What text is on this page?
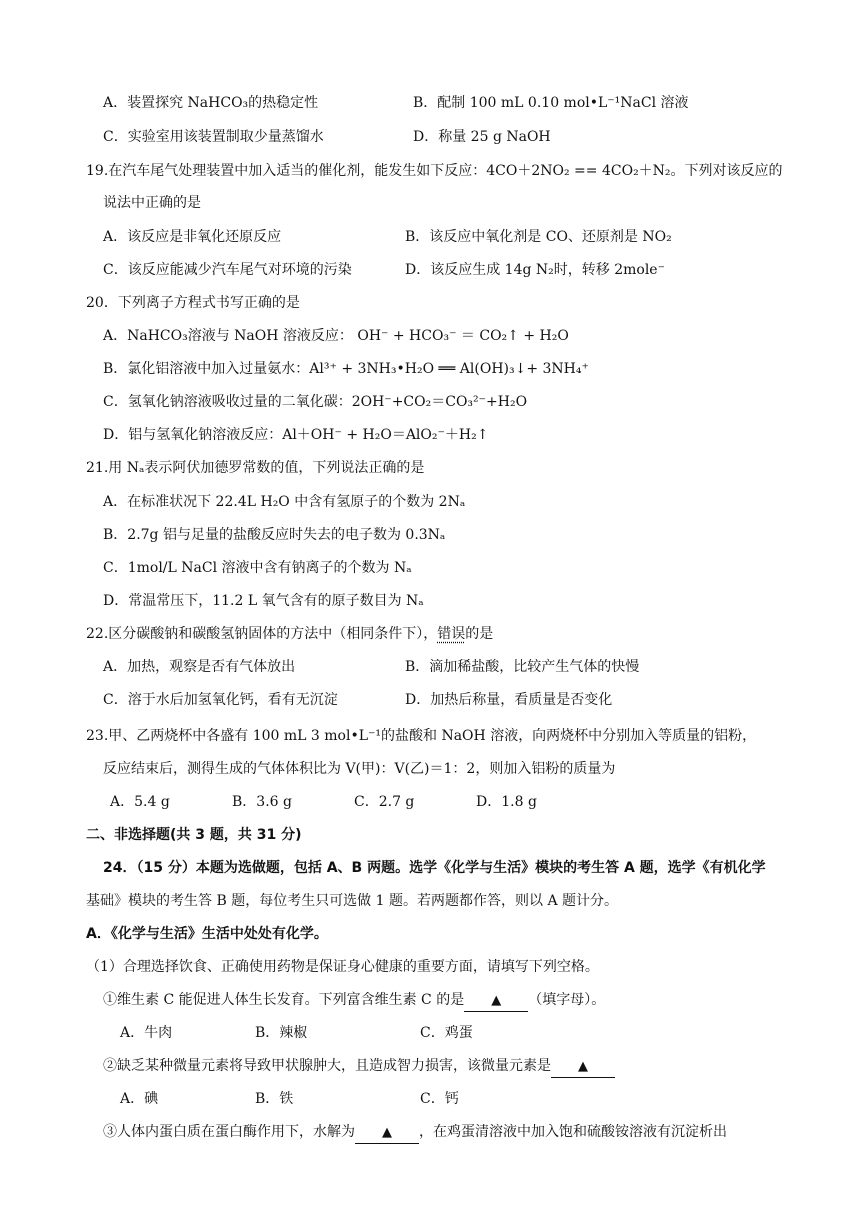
A．装置探究 NaHCO₃的热稳定性	B．配制 100 mL 0.10 mol•L⁻¹NaCl 溶液
C．实验室用该装置制取少量蒸馏水	D．称量 25 g NaOH
19.在汽车尾气处理装置中加入适当的催化剂，能发生如下反应：4CO＋2NO₂ == 4CO₂＋N₂。下列对该反应的
说法中正确的是
A．该反应是非氧化还原反应	B．该反应中氧化剂是 CO、还原剂是 NO₂
C．该反应能减少汽车尾气对环境的污染	D．该反应生成 14g N₂时，转移 2mole⁻
20．下列离子方程式书写正确的是
A．NaHCO₃溶液与 NaOH 溶液反应： OH⁻ + HCO₃⁻ ＝ CO₂↑ + H₂O
B．氯化铝溶液中加入过量氨水：Al³⁺ + 3NH₃•H₂O ══ Al(OH)₃↓+ 3NH₄⁺
C．氢氧化钠溶液吸收过量的二氧化碳：2OH⁻+CO₂＝CO₃²⁻+H₂O
D．铝与氢氧化钠溶液反应：Al＋OH⁻ + H₂O＝AlO₂⁻＋H₂↑
21.用 Nₐ表示阿伏加德罗常数的值，下列说法正确的是
A．在标准状况下 22.4L H₂O 中含有氢原子的个数为 2Nₐ
B．2.7g 铝与足量的盐酸反应时失去的电子数为 0.3Nₐ
C．1mol/L NaCl 溶液中含有钠离子的个数为 Nₐ
D．常温常压下，11.2 L 氧气含有的原子数目为 Nₐ
22.区分碳酸钠和碳酸氢钠固体的方法中（相同条件下），错误的是
A．加热，观察是否有气体放出	B．滴加稀盐酸，比较产生气体的快慢
C．溶于水后加氢氧化钙，看有无沉淀	D．加热后称量，看质量是否变化
23.甲、乙两烧杯中各盛有 100 mL 3 mol•L⁻¹的盐酸和 NaOH 溶液，向两烧杯中分别加入等质量的铝粉，
反应结束后，测得生成的气体体积比为 V(甲)：V(乙)＝1：2，则加入铝粉的质量为
A．5.4 g	B．3.6 g	C．2.7 g	D．1.8 g
二、非选择题(共 3 题，共 31 分)
24．（15 分）本题为选做题，包括 A、B 两题。选学《化学与生活》模块的考生答 A 题，选学《有机化学
基础》模块的考生答 B 题，每位考生只可选做 1 题。若两题都作答，则以 A 题计分。
A．《化学与生活》生活中处处有化学。
（1）合理选择饮食、正确使用药物是保证身心健康的重要方面，请填写下列空格。
①维生素 C 能促进人体生长发育。下列富含维生素 C 的是 ▲ （填字母）。
A．牛肉	B．辣椒	C．鸡蛋
②缺乏某种微量元素将导致甲状腺肿大，且造成智力损害，该微量元素是 ▲
A．碘	B．铁	C．钙
③人体内蛋白质在蛋白酶作用下，水解为 ▲ ，在鸡蛋清溶液中加入饱和硫酸铵溶液有沉淀析出
